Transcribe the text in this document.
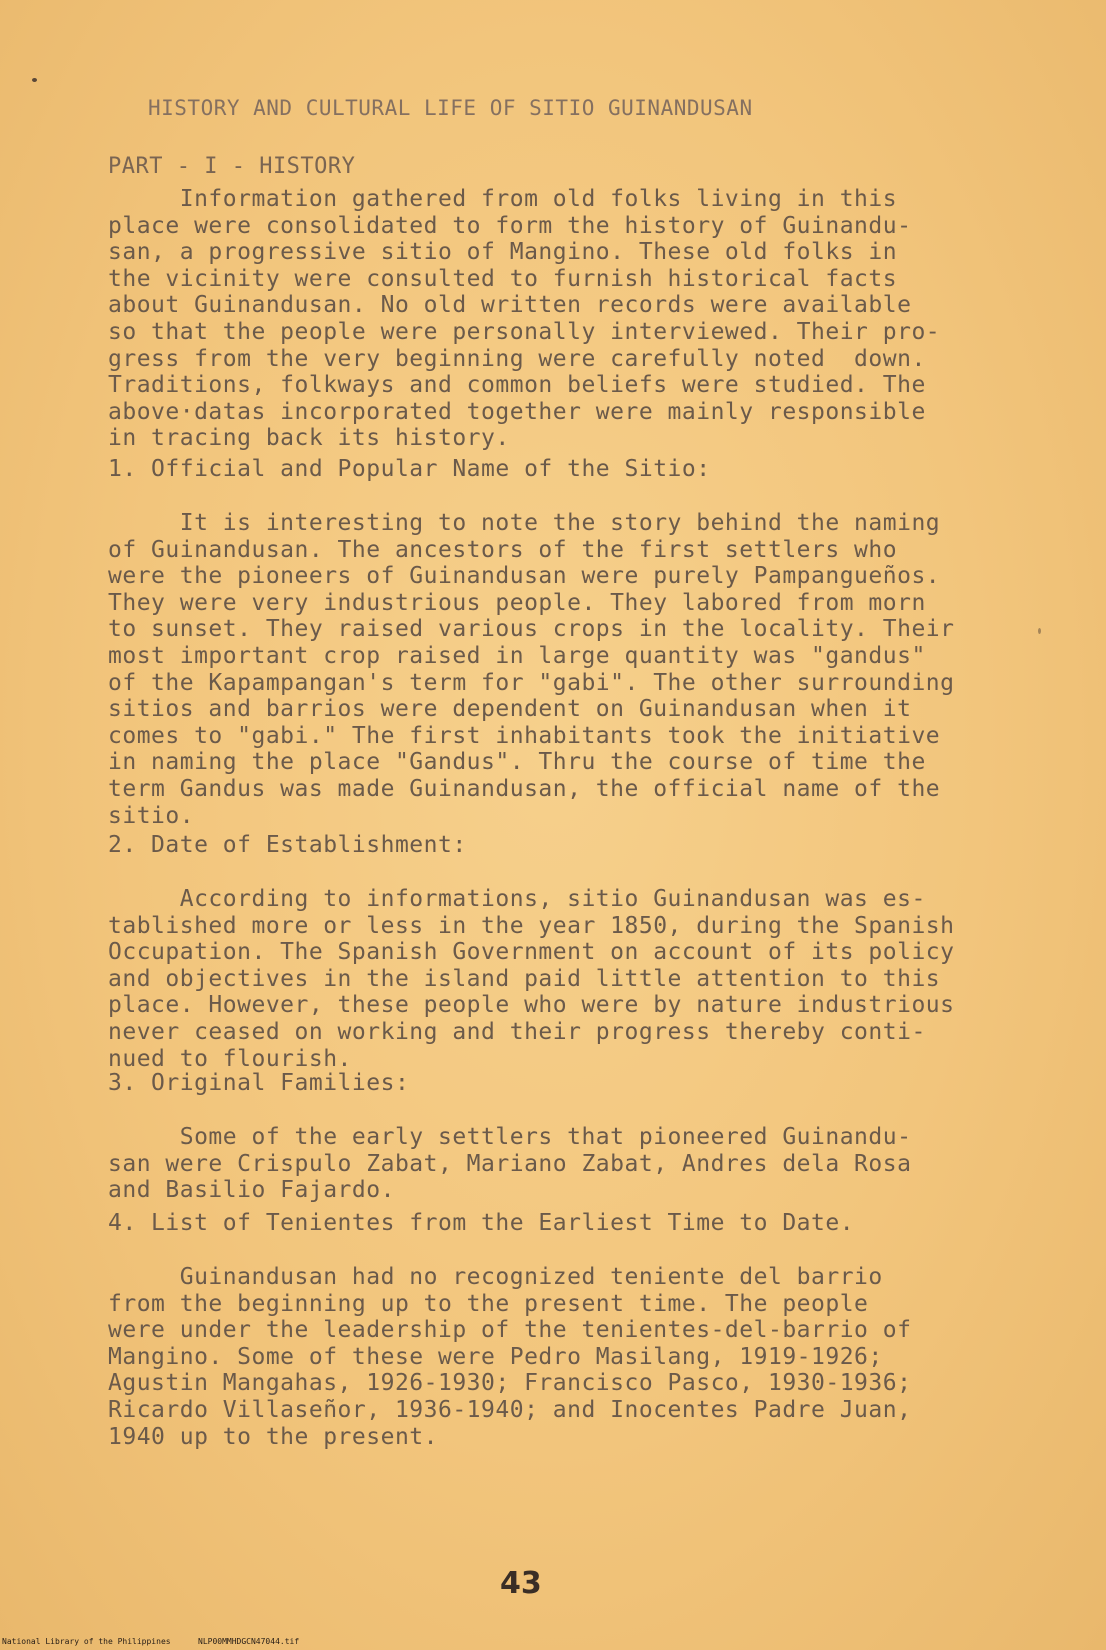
HISTORY AND CULTURAL LIFE OF SITIO GUINANDUSAN
PART - I - HISTORY
Information gathered from old folks living in this
place were consolidated to form the history of Guinandu-
san, a progressive sitio of Mangino. These old folks in
the vicinity were consulted to furnish historical facts
about Guinandusan. No old written records were available
so that the people were personally interviewed. Their pro-
gress from the very beginning were carefully noted  down.
Traditions, folkways and common beliefs were studied. The
above·datas incorporated together were mainly responsible
in tracing back its history.
1. Official and Popular Name of the Sitio:
It is interesting to note the story behind the naming
of Guinandusan. The ancestors of the first settlers who
were the pioneers of Guinandusan were purely Pampangueños.
They were very industrious people. They labored from morn
to sunset. They raised various crops in the locality. Their
most important crop raised in large quantity was "gandus"
of the Kapampangan's term for "gabi". The other surrounding
sitios and barrios were dependent on Guinandusan when it
comes to "gabi." The first inhabitants took the initiative
in naming the place "Gandus". Thru the course of time the
term Gandus was made Guinandusan, the official name of the
sitio.
2. Date of Establishment:
According to informations, sitio Guinandusan was es-
tablished more or less in the year 1850, during the Spanish
Occupation. The Spanish Government on account of its policy
and objectives in the island paid little attention to this
place. However, these people who were by nature industrious
never ceased on working and their progress thereby conti-
nued to flourish.
3. Original Families:
Some of the early settlers that pioneered Guinandu-
san were Crispulo Zabat, Mariano Zabat, Andres dela Rosa
and Basilio Fajardo.
4. List of Tenientes from the Earliest Time to Date.
Guinandusan had no recognized teniente del barrio
from the beginning up to the present time. The people
were under the leadership of the tenientes-del-barrio of
Mangino. Some of these were Pedro Masilang, 1919-1926;
Agustin Mangahas, 1926-1930; Francisco Pasco, 1930-1936;
Ricardo Villaseñor, 1936-1940; and Inocentes Padre Juan,
1940 up to the present.
43
National Library of the Philippines	NLP00MMHDGCN47044.tif
